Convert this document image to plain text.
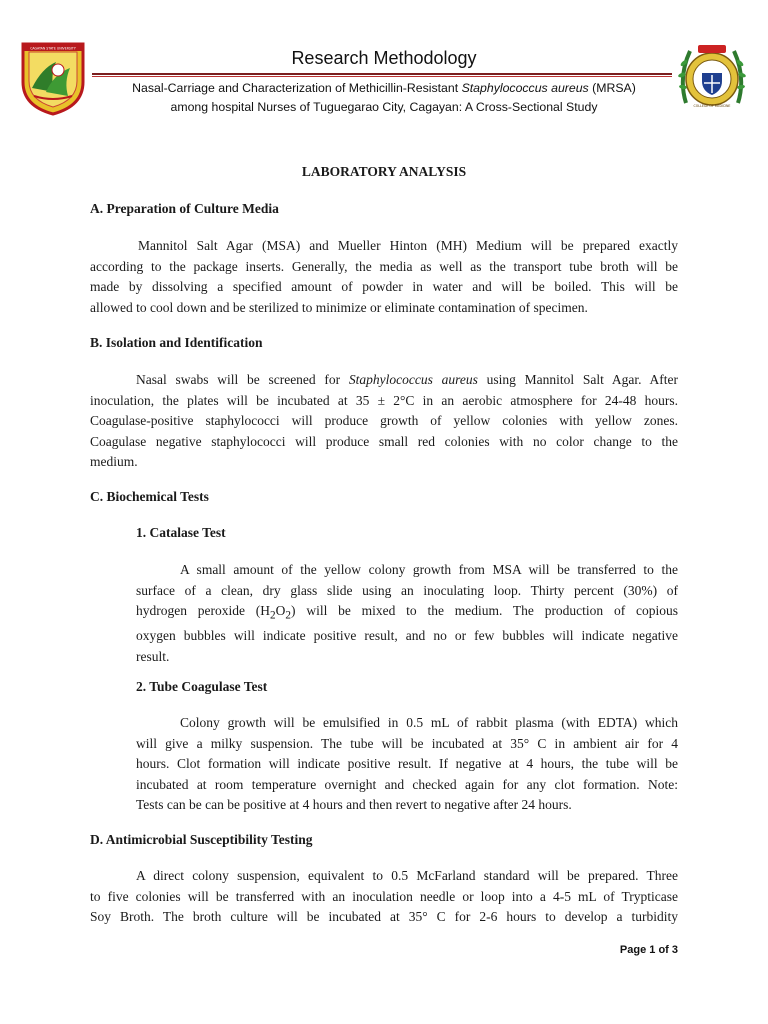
CAGAYAN STATE UNIVERSITY
COLLEGE OF MEDICINE
Research Methodology
Nasal-Carriage and Characterization of Methicillin-Resistant Staphylococcus aureus (MRSA)
among hospital Nurses of Tuguegarao City, Cagayan: A Cross-Sectional Study
LABORATORY ANALYSIS
A. Preparation of Culture Media
Mannitol Salt Agar (MSA) and Mueller Hinton (MH) Medium will be prepared exactly
according to the package inserts. Generally, the media as well as the transport tube broth will be
made by dissolving a specified amount of powder in water and will be boiled. This will be
allowed to cool down and be sterilized to minimize or eliminate contamination of specimen.
B. Isolation and Identification
Nasal swabs will be screened for Staphylococcus aureus using Mannitol Salt Agar. After
inoculation, the plates will be incubated at 35 ± 2°C in an aerobic atmosphere for 24-48 hours.
Coagulase-positive staphylococci will produce growth of yellow colonies with yellow zones.
Coagulase negative staphylococci will produce small red colonies with no color change to the
medium.
C. Biochemical Tests
1. Catalase Test
A small amount of the yellow colony growth from MSA will be transferred to the
surface of a clean, dry glass slide using an inoculating loop. Thirty percent (30%) of
hydrogen peroxide $(H_2O_2)$ will be mixed to the medium. The production of copious
oxygen bubbles will indicate positive result, and no or few bubbles will indicate negative
result.
2. Tube Coagulase Test
Colony growth will be emulsified in 0.5 mL of rabbit plasma (with EDTA) which
will give a milky suspension. The tube will be incubated at 35° C in ambient air for 4
hours. Clot formation will indicate positive result. If negative at 4 hours, the tube will be
incubated at room temperature overnight and checked again for any clot formation. Note:
Tests can be can be positive at 4 hours and then revert to negative after 24 hours.
D. Antimicrobial Susceptibility Testing
A direct colony suspension, equivalent to 0.5 McFarland standard will be prepared. Three
to five colonies will be transferred with an inoculation needle or loop into a 4-5 mL of Trypticase
Soy Broth. The broth culture will be incubated at 35° C for 2-6 hours to develop a turbidity
Page 1 of 3
